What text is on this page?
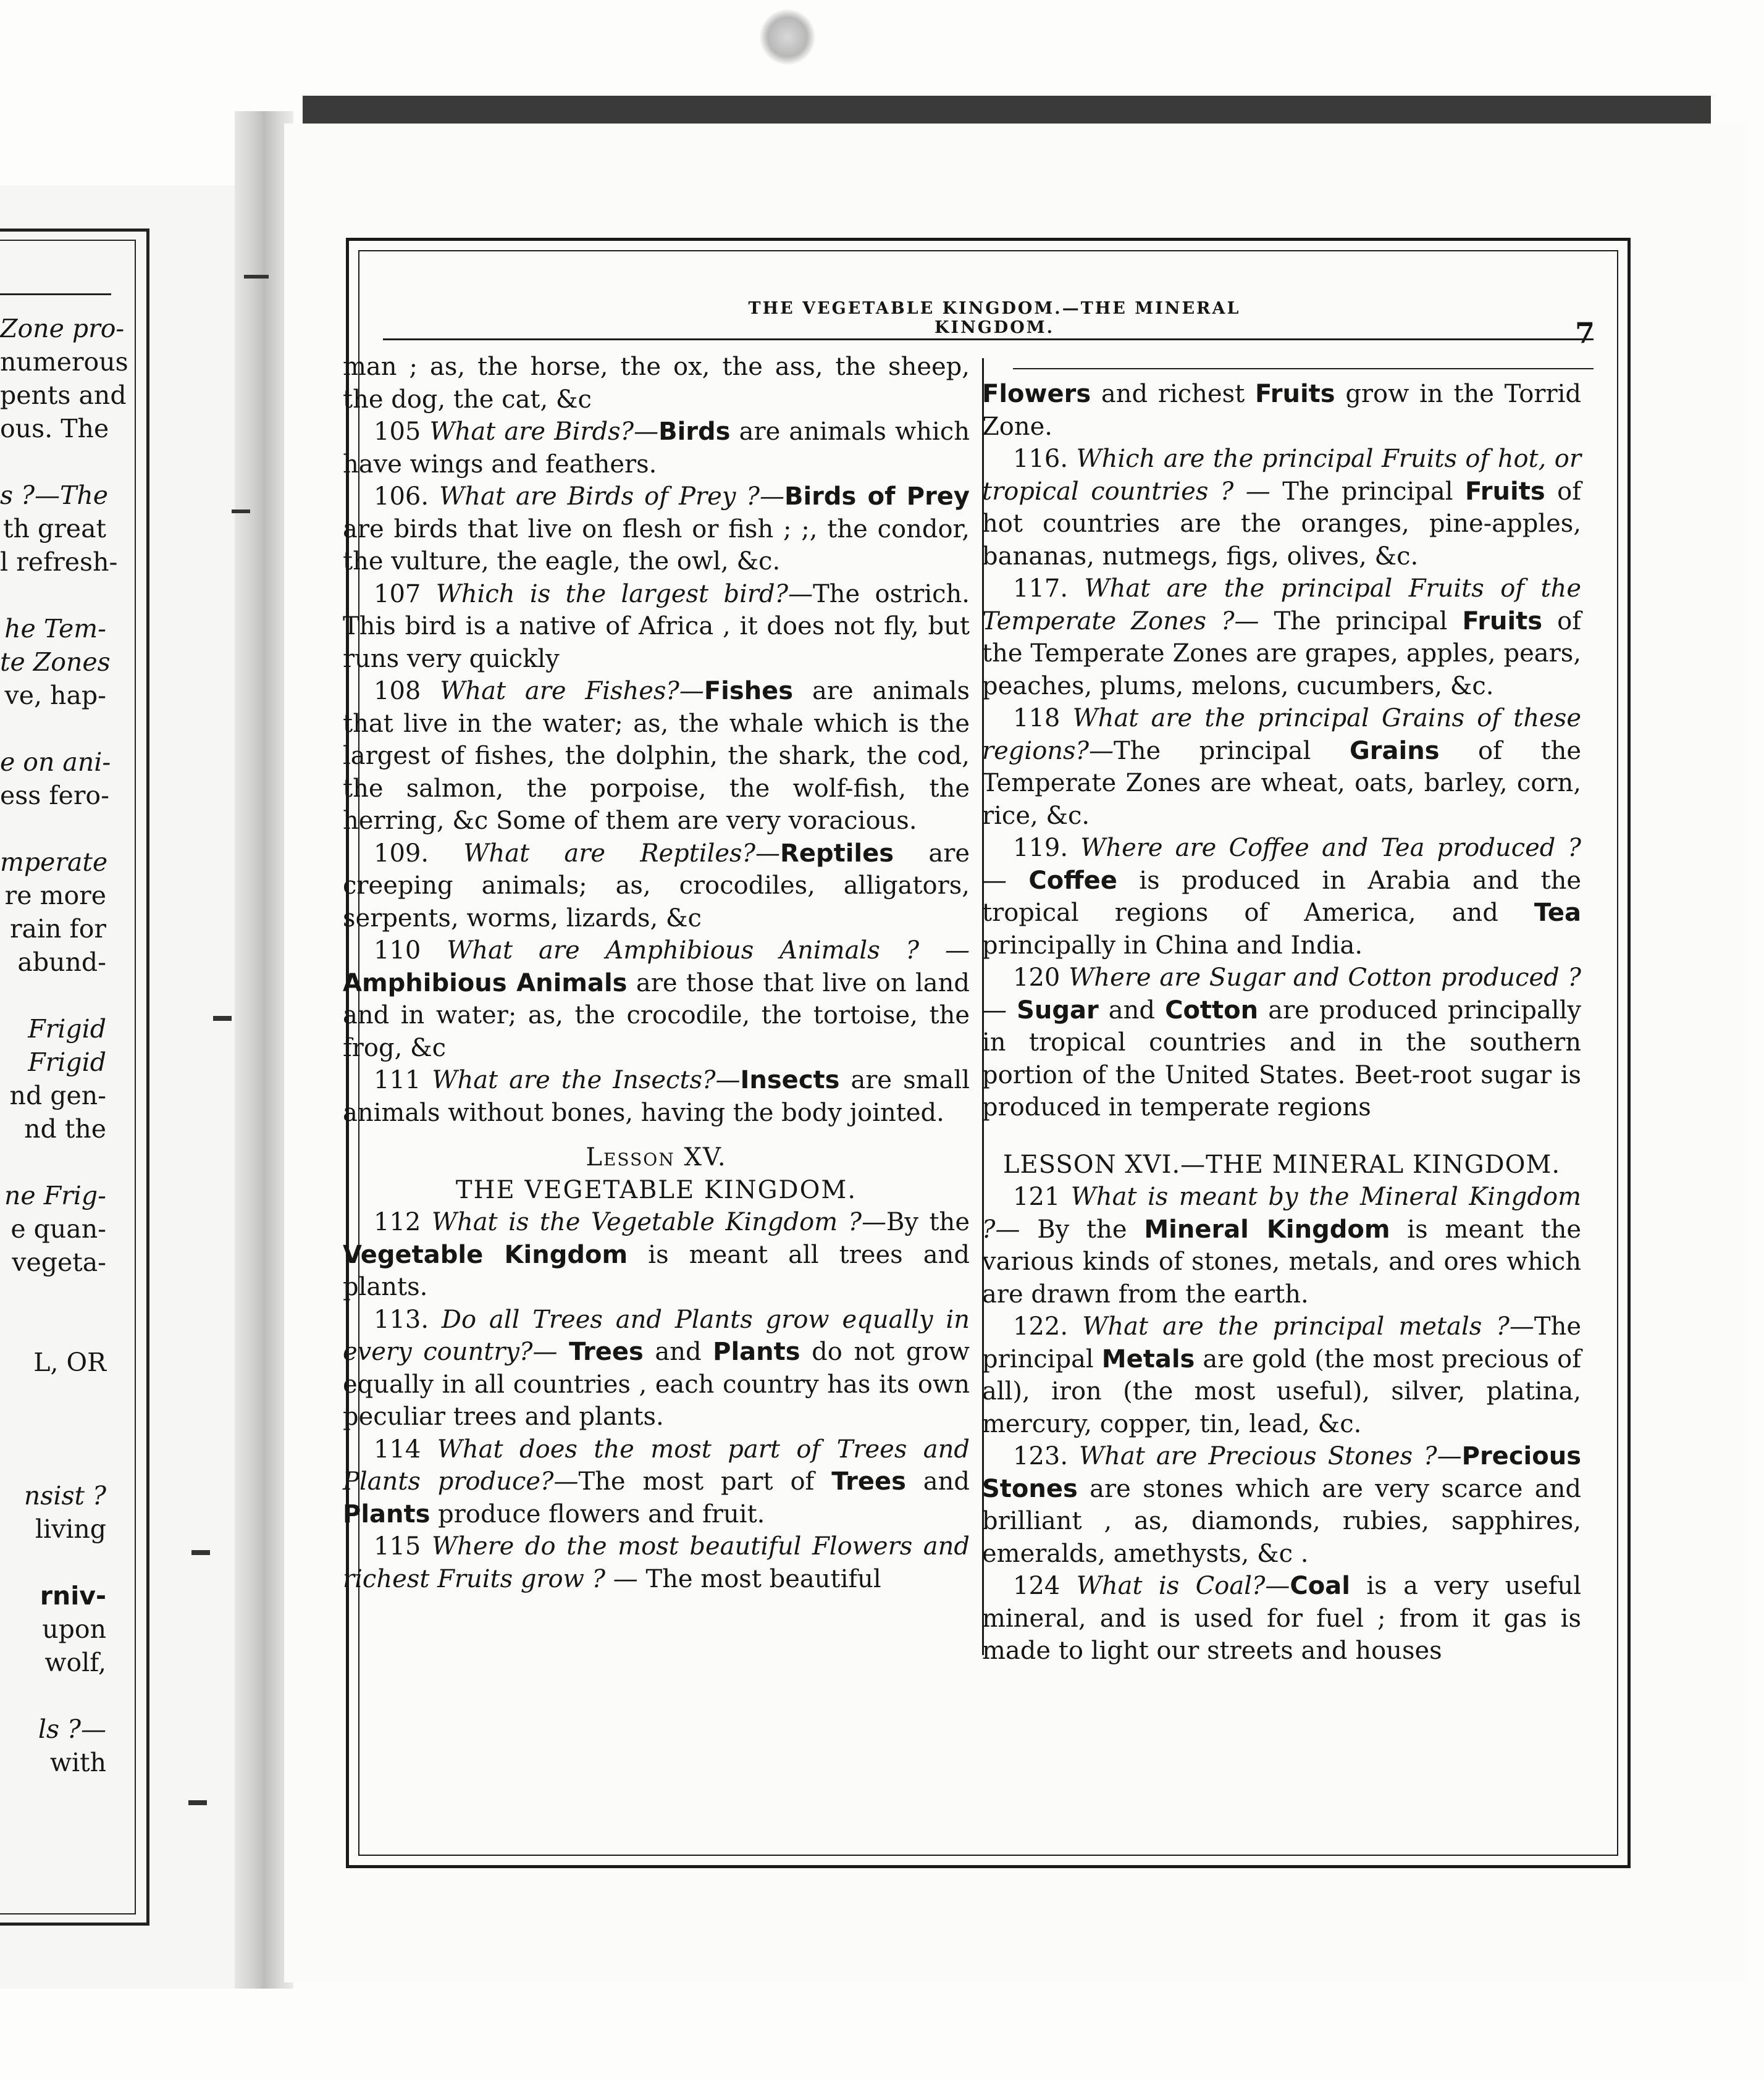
Zone pro-
numerous
pents and
ous. The
s ?—The
th great
l refresh-
he Tem-
te Zones
ve, hap-
e on ani-
ess fero-
mperate
re more
rain for
abund-
Frigid
Frigid
nd gen-
nd the
ne Frig-
e quan-
vegeta-
L, OR
nsist ?
living
rniv-
upon
wolf,
ls ?—
with
THE VEGETABLE KINGDOM.—THE MINERAL KINGDOM.	7

man ; as, the horse, the ox, the ass, the sheep, the dog, the cat, &c

105 What are Birds?—Birds are animals which have wings and feathers.

106. What are Birds of Prey ?—Birds of Prey are birds that live on flesh or fish ; ;, the condor, the vulture, the eagle, the owl, &c.

107 Which is the largest bird?—The ostrich. This bird is a native of Africa , it does not fly, but runs very quickly

108 What are Fishes?—Fishes are animals that live in the water; as, the whale which is the largest of fishes, the dolphin, the shark, the cod, the salmon, the porpoise, the wolf-fish, the herring, &c Some of them are very voracious.

109. What are Reptiles?—Reptiles are creeping animals; as, crocodiles, alligators, serpents, worms, lizards, &c

110 What are Amphibious Animals ? — Amphibious Animals are those that live on land and in water; as, the crocodile, the tortoise, the frog, &c

111 What are the Insects?—Insects are small animals without bones, having the body jointed.

Lesson XV.

THE VEGETABLE KINGDOM.

112 What is the Vegetable Kingdom ?—By the Vegetable Kingdom is meant all trees and plants.

113. Do all Trees and Plants grow equally in every country?— Trees and Plants do not grow equally in all countries , each country has its own peculiar trees and plants.

114 What does the most part of Trees and Plants produce?—The most part of Trees and Plants produce flowers and fruit.

115 Where do the most beautiful Flowers and richest Fruits grow ? — The most beautiful

Flowers and richest Fruits grow in the Torrid Zone.

116. Which are the principal Fruits of hot, or tropical countries ? — The principal Fruits of hot countries are the oranges, pine-apples, bananas, nutmegs, figs, olives, &c.

117. What are the principal Fruits of the Temperate Zones ?— The principal Fruits of the Temperate Zones are grapes, apples, pears, peaches, plums, melons, cucumbers, &c.

118 What are the principal Grains of these regions?—The principal Grains of the Temperate Zones are wheat, oats, barley, corn, rice, &c.

119. Where are Coffee and Tea produced ? — Coffee is produced in Arabia and the tropical regions of America, and Tea principally in China and India.

120 Where are Sugar and Cotton produced ?— Sugar and Cotton are produced principally in tropical countries and in the southern portion of the United States. Beet-root sugar is produced in temperate regions

LESSON XVI.—THE MINERAL KINGDOM.

121 What is meant by the Mineral Kingdom ?— By the Mineral Kingdom is meant the various kinds of stones, metals, and ores which are drawn from the earth.

122. What are the principal metals ?—The principal Metals are gold (the most precious of all), iron (the most useful), silver, platina, mercury, copper, tin, lead, &c.

123. What are Precious Stones ?—Precious Stones are stones which are very scarce and brilliant , as, diamonds, rubies, sapphires, emeralds, amethysts, &c .

124 What is Coal?—Coal is a very useful mineral, and is used for fuel ; from it gas is made to light our streets and houses
